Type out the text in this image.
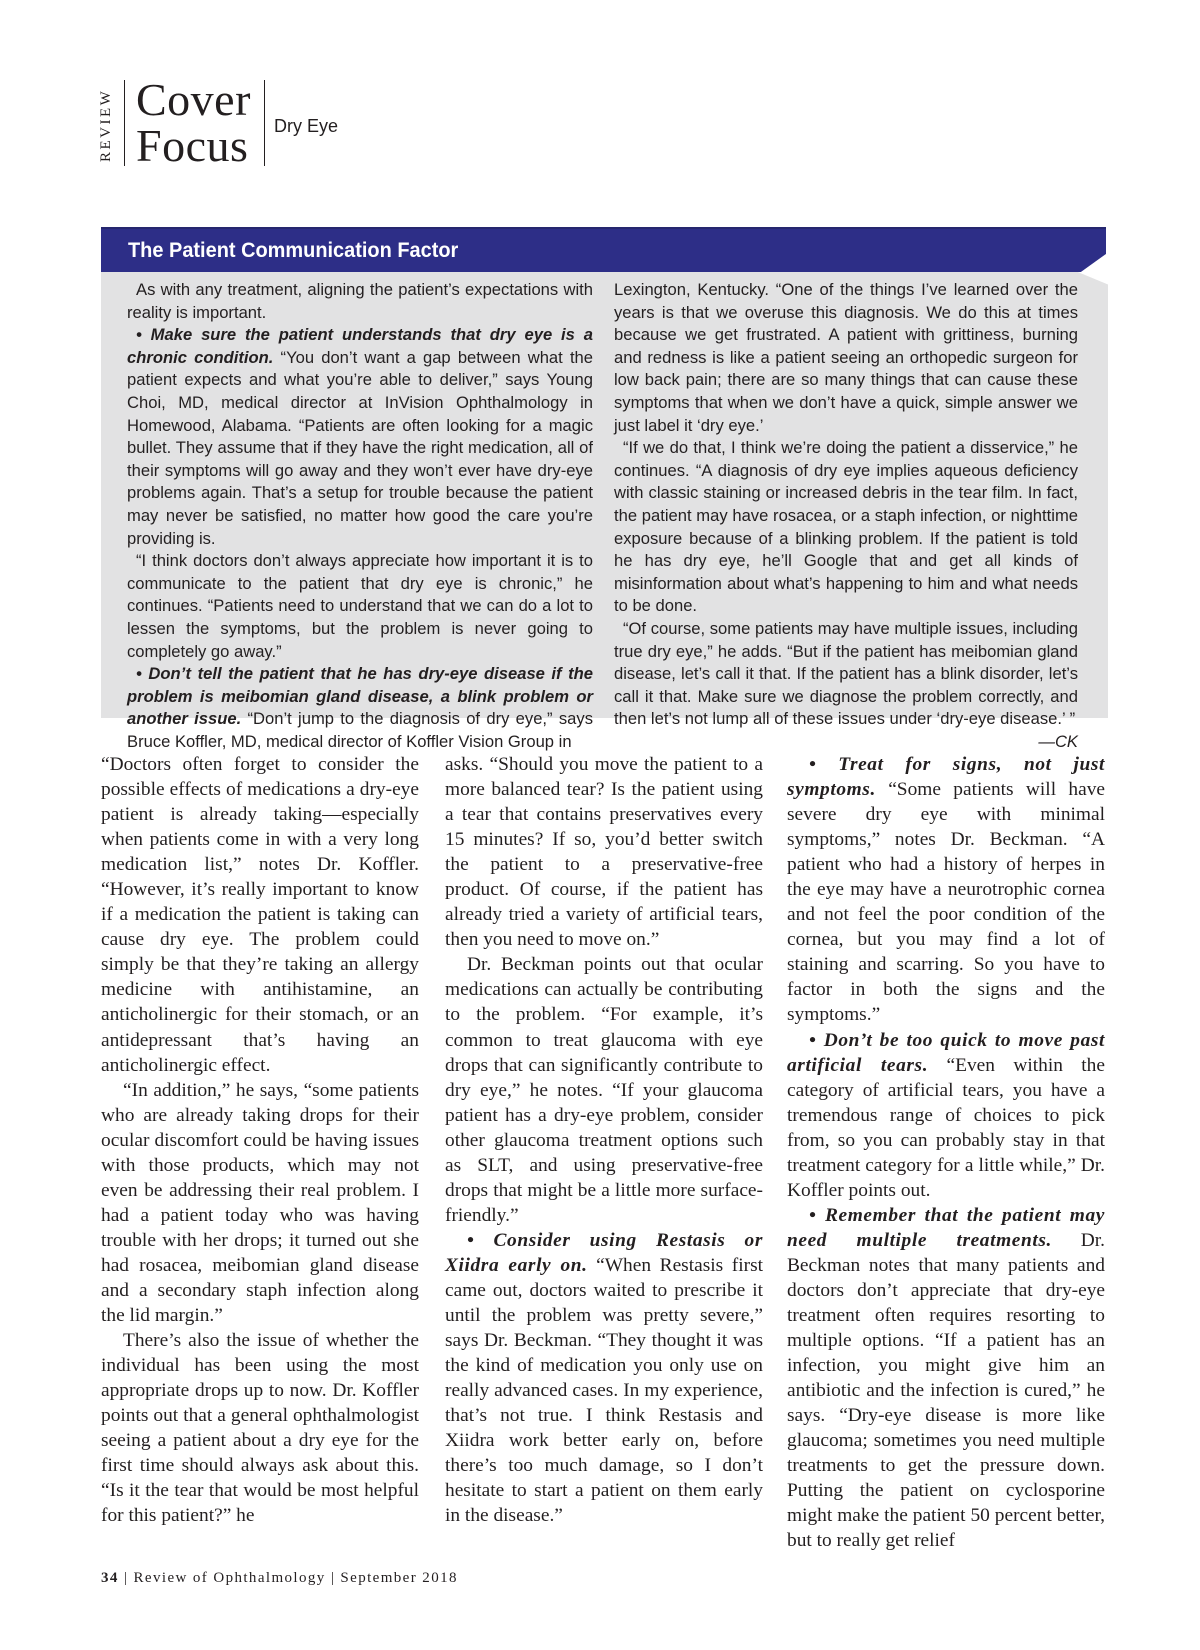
REVIEW Cover
Focus Dry Eye
The Patient Communication Factor

As with any treatment, aligning the patient’s expectations with reality is important.

• Make sure the patient understands that dry eye is a chronic condition. “You don’t want a gap between what the patient expects and what you’re able to deliver,” says Young Choi, MD, medical director at InVision Ophthalmology in Homewood, Alabama. “Patients are often looking for a magic bullet. They assume that if they have the right medication, all of their symptoms will go away and they won’t ever have dry-eye problems again. That’s a setup for trouble because the patient may never be satisfied, no matter how good the care you’re providing is.

“I think doctors don’t always appreciate how important it is to communicate to the patient that dry eye is chronic,” he continues. “Patients need to understand that we can do a lot to lessen the symptoms, but the problem is never going to completely go away.”

• Don’t tell the patient that he has dry-eye disease if the problem is meibomian gland disease, a blink problem or another issue. “Don’t jump to the diagnosis of dry eye,” says Bruce Koffler, MD, medical director of Koffler Vision Group in

Lexington, Kentucky. “One of the things I’ve learned over the years is that we overuse this diagnosis. We do this at times because we get frustrated. A patient with grittiness, burning and redness is like a patient seeing an orthopedic surgeon for low back pain; there are so many things that can cause these symptoms that when we don’t have a quick, simple answer we just label it ‘dry eye.’

“If we do that, I think we’re doing the patient a disservice,” he continues. “A diagnosis of dry eye implies aqueous deficiency with classic staining or increased debris in the tear film. In fact, the patient may have rosacea, or a staph infection, or nighttime exposure because of a blinking problem. If the patient is told he has dry eye, he’ll Google that and get all kinds of misinformation about what’s happening to him and what needs to be done.

“Of course, some patients may have multiple issues, including true dry eye,” he adds. “But if the patient has meibomian gland disease, let’s call it that. If the patient has a blink disorder, let’s call it that. Make sure we diagnose the problem correctly, and then let’s not lump all of these issues under ‘dry-eye disease.’ ”

—CK

“Doctors often forget to consider the possible effects of medications a dry-eye patient is already taking—especially when patients come in with a very long medication list,” notes Dr. Koffler. “However, it’s really important to know if a medication the patient is taking can cause dry eye. The problem could simply be that they’re taking an allergy medicine with antihistamine, an anticholinergic for their stomach, or an antidepressant that’s having an anticholinergic effect.

“In addition,” he says, “some patients who are already taking drops for their ocular discomfort could be having issues with those products, which may not even be addressing their real problem. I had a patient today who was having trouble with her drops; it turned out she had rosacea, meibomian gland disease and a secondary staph infection along the lid margin.”

There’s also the issue of whether the individual has been using the most appropriate drops up to now. Dr. Koffler points out that a general ophthalmologist seeing a patient about a dry eye for the first time should always ask about this. “Is it the tear that would be most helpful for this patient?” he

asks. “Should you move the patient to a more balanced tear? Is the patient using a tear that contains preservatives every 15 minutes? If so, you’d better switch the patient to a preservative-free product. Of course, if the patient has already tried a variety of artificial tears, then you need to move on.”

Dr. Beckman points out that ocular medications can actually be contributing to the problem. “For example, it’s common to treat glaucoma with eye drops that can significantly contribute to dry eye,” he notes. “If your glaucoma patient has a dry-eye problem, consider other glaucoma treatment options such as SLT, and using preservative-free drops that might be a little more surface-friendly.”

• Consider using Restasis or Xiidra early on. “When Restasis first came out, doctors waited to prescribe it until the problem was pretty severe,” says Dr. Beckman. “They thought it was the kind of medication you only use on really advanced cases. In my experience, that’s not true. I think Restasis and Xiidra work better early on, before there’s too much damage, so I don’t hesitate to start a patient on them early in the disease.”

• Treat for signs, not just symptoms. “Some patients will have severe dry eye with minimal symptoms,” notes Dr. Beckman. “A patient who had a history of herpes in the eye may have a neurotrophic cornea and not feel the poor condition of the cornea, but you may find a lot of staining and scarring. So you have to factor in both the signs and the symptoms.”

• Don’t be too quick to move past artificial tears. “Even within the category of artificial tears, you have a tremendous range of choices to pick from, so you can probably stay in that treatment category for a little while,” Dr. Koffler points out.

• Remember that the patient may need multiple treatments. Dr. Beckman notes that many patients and doctors don’t appreciate that dry-eye treatment often requires resorting to multiple options. “If a patient has an infection, you might give him an antibiotic and the infection is cured,” he says. “Dry-eye disease is more like glaucoma; sometimes you need multiple treatments to get the pressure down. Putting the patient on cyclosporine might make the patient 50 percent better, but to really get relief

34 | Review of Ophthalmology | September 2018
